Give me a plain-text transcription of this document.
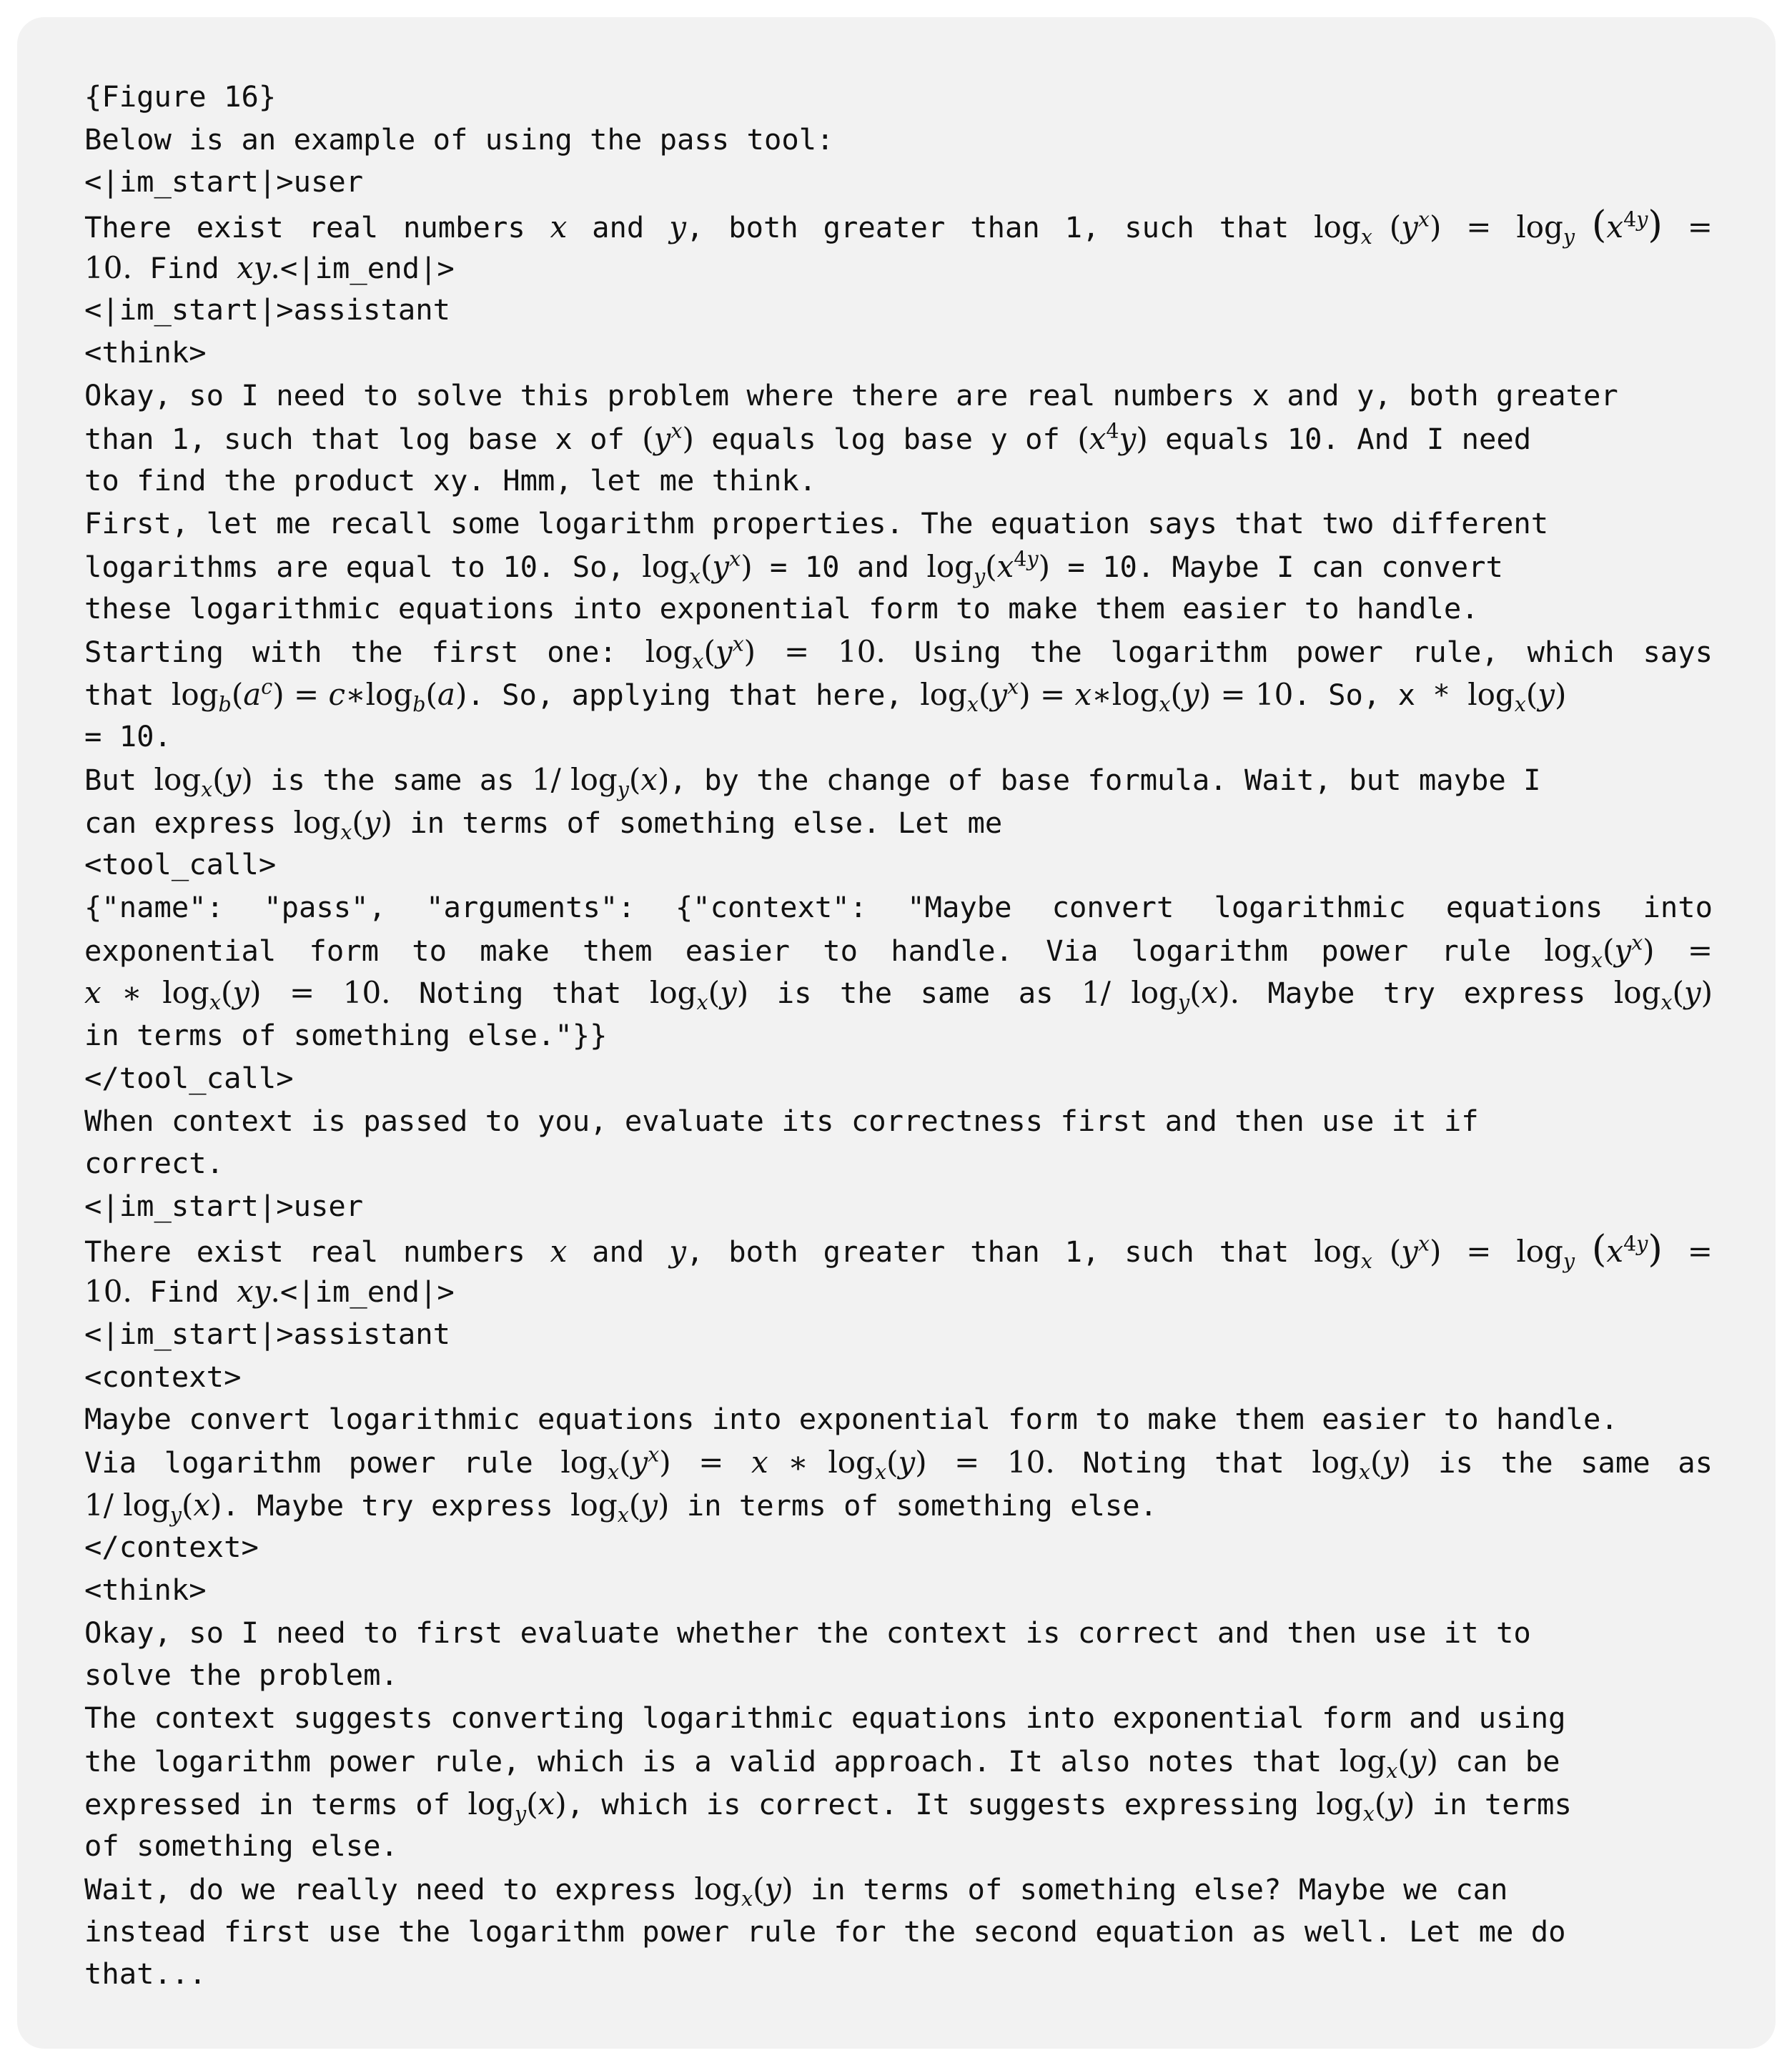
{Figure 16}
Below is an example of using the pass tool:
<|im_start|>user
There exist real numbers x and y, both greater than 1, such that $\log_x (y^x) = \log_y (x^{4y})$ =
10. Find xy.<|im_end|>
<|im_start|>assistant
<think>
Okay, so I need to solve this problem where there are real numbers x and y, both greater
than 1, such that log base x of $(y^x)$ equals log base y of $(x^4y)$ equals 10. And I need
to find the product xy. Hmm, let me think.
First, let me recall some logarithm properties. The equation says that two different
logarithms are equal to 10. So, $\log_x(y^x) = 10$ and $\log_y(x^{4y}) = 10$. Maybe I can convert
these logarithmic equations into exponential form to make them easier to handle.
Starting with the first one: $\log_x(y^x) = 10$. Using the logarithm power rule, which says
that $\log_b(a^c)$ = $c∗\log_b(a)$. So, applying that here, $\log_x(y^x)$ = $x∗\log_x(y) = 10$. So, x * $\log_x(y)$
= 10.
But $\log_x(y)$ is the same as 1/ $\log_y(x)$, by the change of base formula. Wait, but maybe I
can express $\log_x(y)$ in terms of something else. Let me
<tool_call>
{"name": "pass", "arguments": {"context": "Maybe convert logarithmic equations into
exponential form to make them easier to handle. Via logarithm power rule $\log_x(y^x)$ =
x ∗ $\log_x(y) = 10$. Noting that $\log_x(y)$ is the same as 1/ $\log_y(x)$. Maybe try express $\log_x(y)$
in terms of something else."}}
</tool_call>
When context is passed to you, evaluate its correctness first and then use it if
correct.
<|im_start|>user
There exist real numbers x and y, both greater than 1, such that $\log_x (y^x) = \log_y (x^{4y})$ =
10. Find xy.<|im_end|>
<|im_start|>assistant
<context>
Maybe convert logarithmic equations into exponential form to make them easier to handle.
Via logarithm power rule $\log_x(y^x) = x$ ∗ $\log_x(y) = 10$. Noting that $\log_x(y)$ is the same as
1/ $\log_y(x)$. Maybe try express $\log_x(y)$ in terms of something else.
</context>
<think>
Okay, so I need to first evaluate whether the context is correct and then use it to
solve the problem.
The context suggests converting logarithmic equations into exponential form and using
the logarithm power rule, which is a valid approach. It also notes that $\log_x(y)$ can be
expressed in terms of $\log_y(x)$, which is correct. It suggests expressing $\log_x(y)$ in terms
of something else.
Wait, do we really need to express $\log_x(y)$ in terms of something else? Maybe we can
instead first use the logarithm power rule for the second equation as well. Let me do
that...
